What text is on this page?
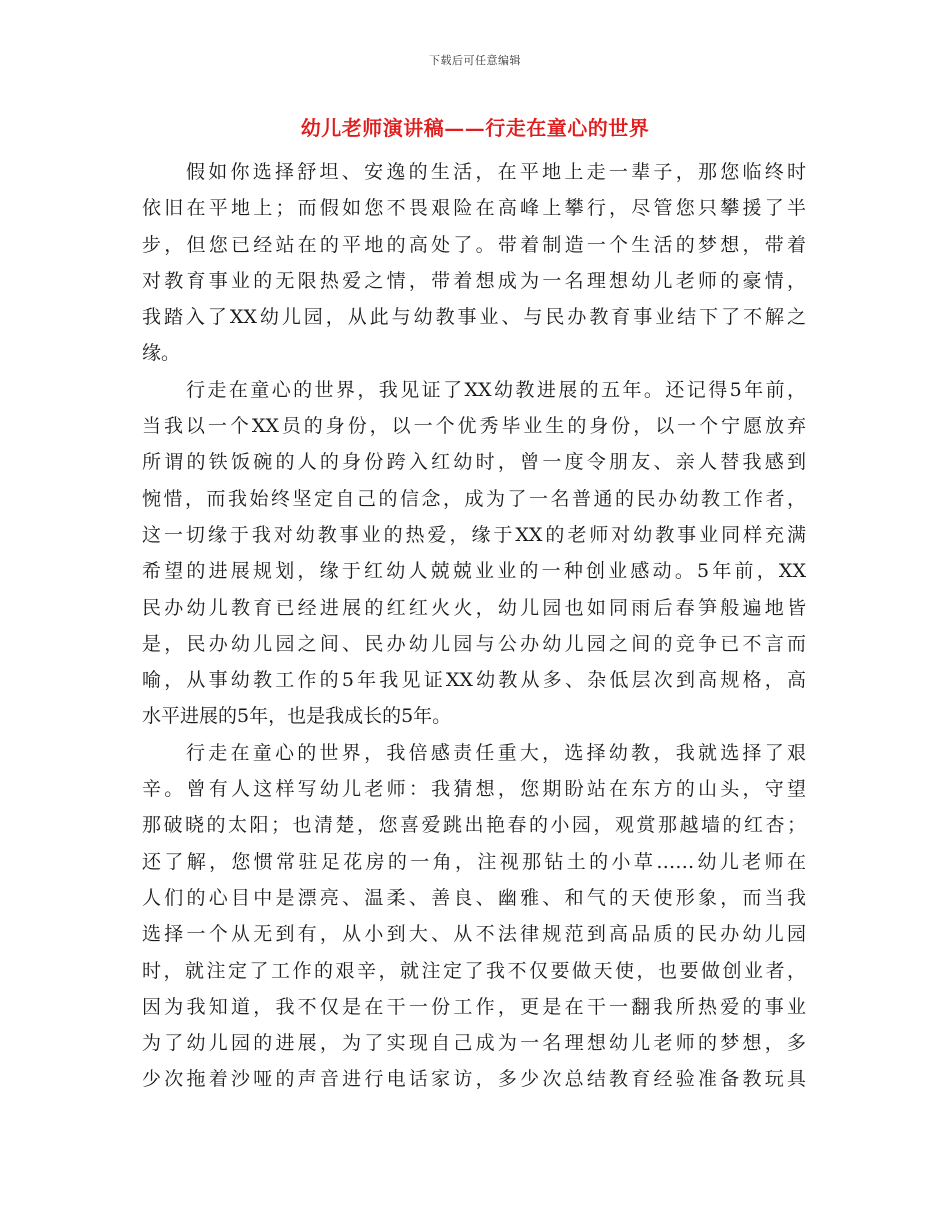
下载后可任意编辑
幼儿老师演讲稿——行走在童心的世界
假如你选择舒坦、安逸的生活，在平地上走一辈子，那您临终时
依旧在平地上；而假如您不畏艰险在高峰上攀行，尽管您只攀援了半
步，但您已经站在的平地的高处了。带着制造一个生活的梦想，带着
对教育事业的无限热爱之情，带着想成为一名理想幼儿老师的豪情，
我踏入了XX幼儿园，从此与幼教事业、与民办教育事业结下了不解之
缘。
行走在童心的世界，我见证了XX幼教进展的五年。还记得5年前，
当我以一个XX员的身份，以一个优秀毕业生的身份，以一个宁愿放弃
所谓的铁饭碗的人的身份跨入红幼时，曾一度令朋友、亲人替我感到
惋惜，而我始终坚定自己的信念，成为了一名普通的民办幼教工作者，
这一切缘于我对幼教事业的热爱，缘于XX的老师对幼教事业同样充满
希望的进展规划，缘于红幼人兢兢业业的一种创业感动。5年前，XX
民办幼儿教育已经进展的红红火火，幼儿园也如同雨后春笋般遍地皆
是，民办幼儿园之间、民办幼儿园与公办幼儿园之间的竞争已不言而
喻，从事幼教工作的5年我见证XX幼教从多、杂低层次到高规格，高
水平进展的5年，也是我成长的5年。
行走在童心的世界，我倍感责任重大，选择幼教，我就选择了艰
辛。曾有人这样写幼儿老师：我猜想，您期盼站在东方的山头，守望
那破晓的太阳；也清楚，您喜爱跳出艳春的小园，观赏那越墙的红杏；
还了解，您惯常驻足花房的一角，注视那钻土的小草……幼儿老师在
人们的心目中是漂亮、温柔、善良、幽雅、和气的天使形象，而当我
选择一个从无到有，从小到大、从不法律规范到高品质的民办幼儿园
时，就注定了工作的艰辛，就注定了我不仅要做天使，也要做创业者，
因为我知道，我不仅是在干一份工作，更是在干一翻我所热爱的事业
为了幼儿园的进展，为了实现自己成为一名理想幼儿老师的梦想，多
少次拖着沙哑的声音进行电话家访，多少次总结教育经验准备教玩具
